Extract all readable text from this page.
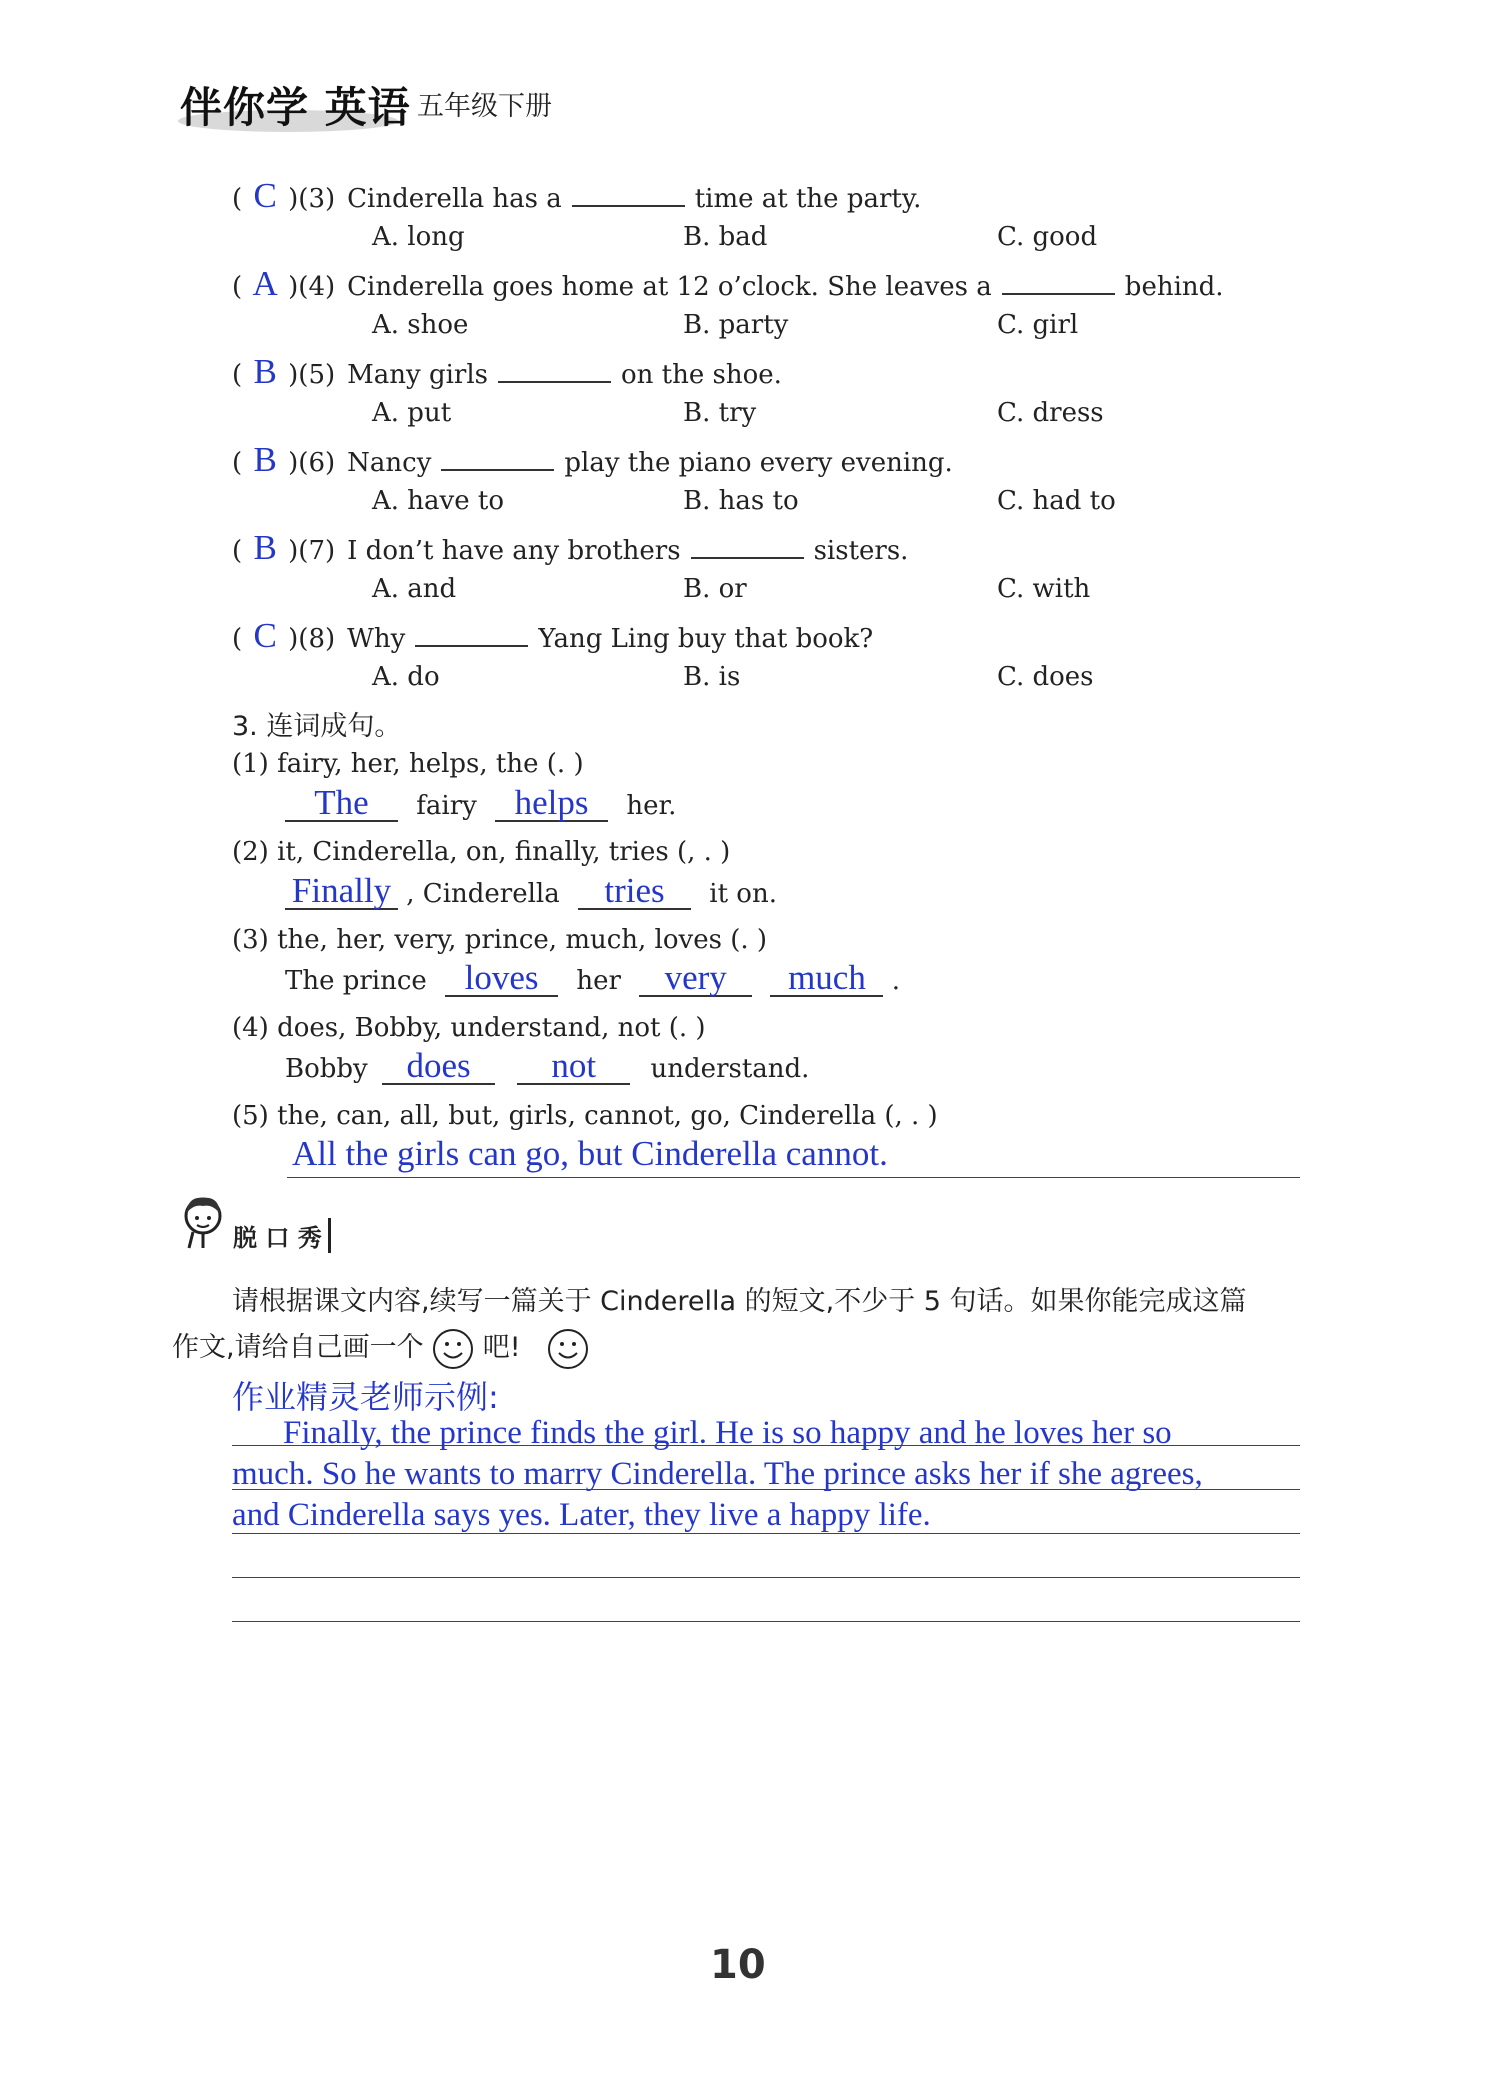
伴你学 英语 五年级下册
( C )(3) Cinderella has a	time at the party.
A. long	B. bad	C. good
( A )(4) Cinderella goes home at 12 o’clock. She leaves a	behind.
A. shoe	B. party	C. girl
( B )(5) Many girls	on the shoe.
A. put	B. try	C. dress
( B )(6) Nancy	play the piano every evening.
A. have to	B. has to	C. had to
( B )(7) I don’t have any brothers	sisters.
A. and	B. or	C. with
( C )(8) Why	Yang Ling buy that book?
A. do	B. is	C. does
3. 连词成句。
(1) fairy, her, helps, the (. )
The fairy helps her.
(2) it, Cinderella, on, finally, tries (, . )
Finally , Cinderella tries it on.
(3) the, her, very, prince, much, loves (. )
The prince loves her very much .
(4) does, Bobby, understand, not (. )
Bobby does not understand.
(5) the, can, all, but, girls, cannot, go, Cinderella (, . )
All the girls can go, but Cinderella cannot.
脱 口 秀
请根据课文内容,续写一篇关于 Cinderella 的短文,不少于 5 句话。如果你能完成这篇
作文,请给自己画一个 吧!
作业精灵老师示例:
Finally, the prince finds the girl. He is so happy and he loves her so
much. So he wants to marry Cinderella. The prince asks her if she agrees,
and Cinderella says yes. Later, they live a happy life.
10
